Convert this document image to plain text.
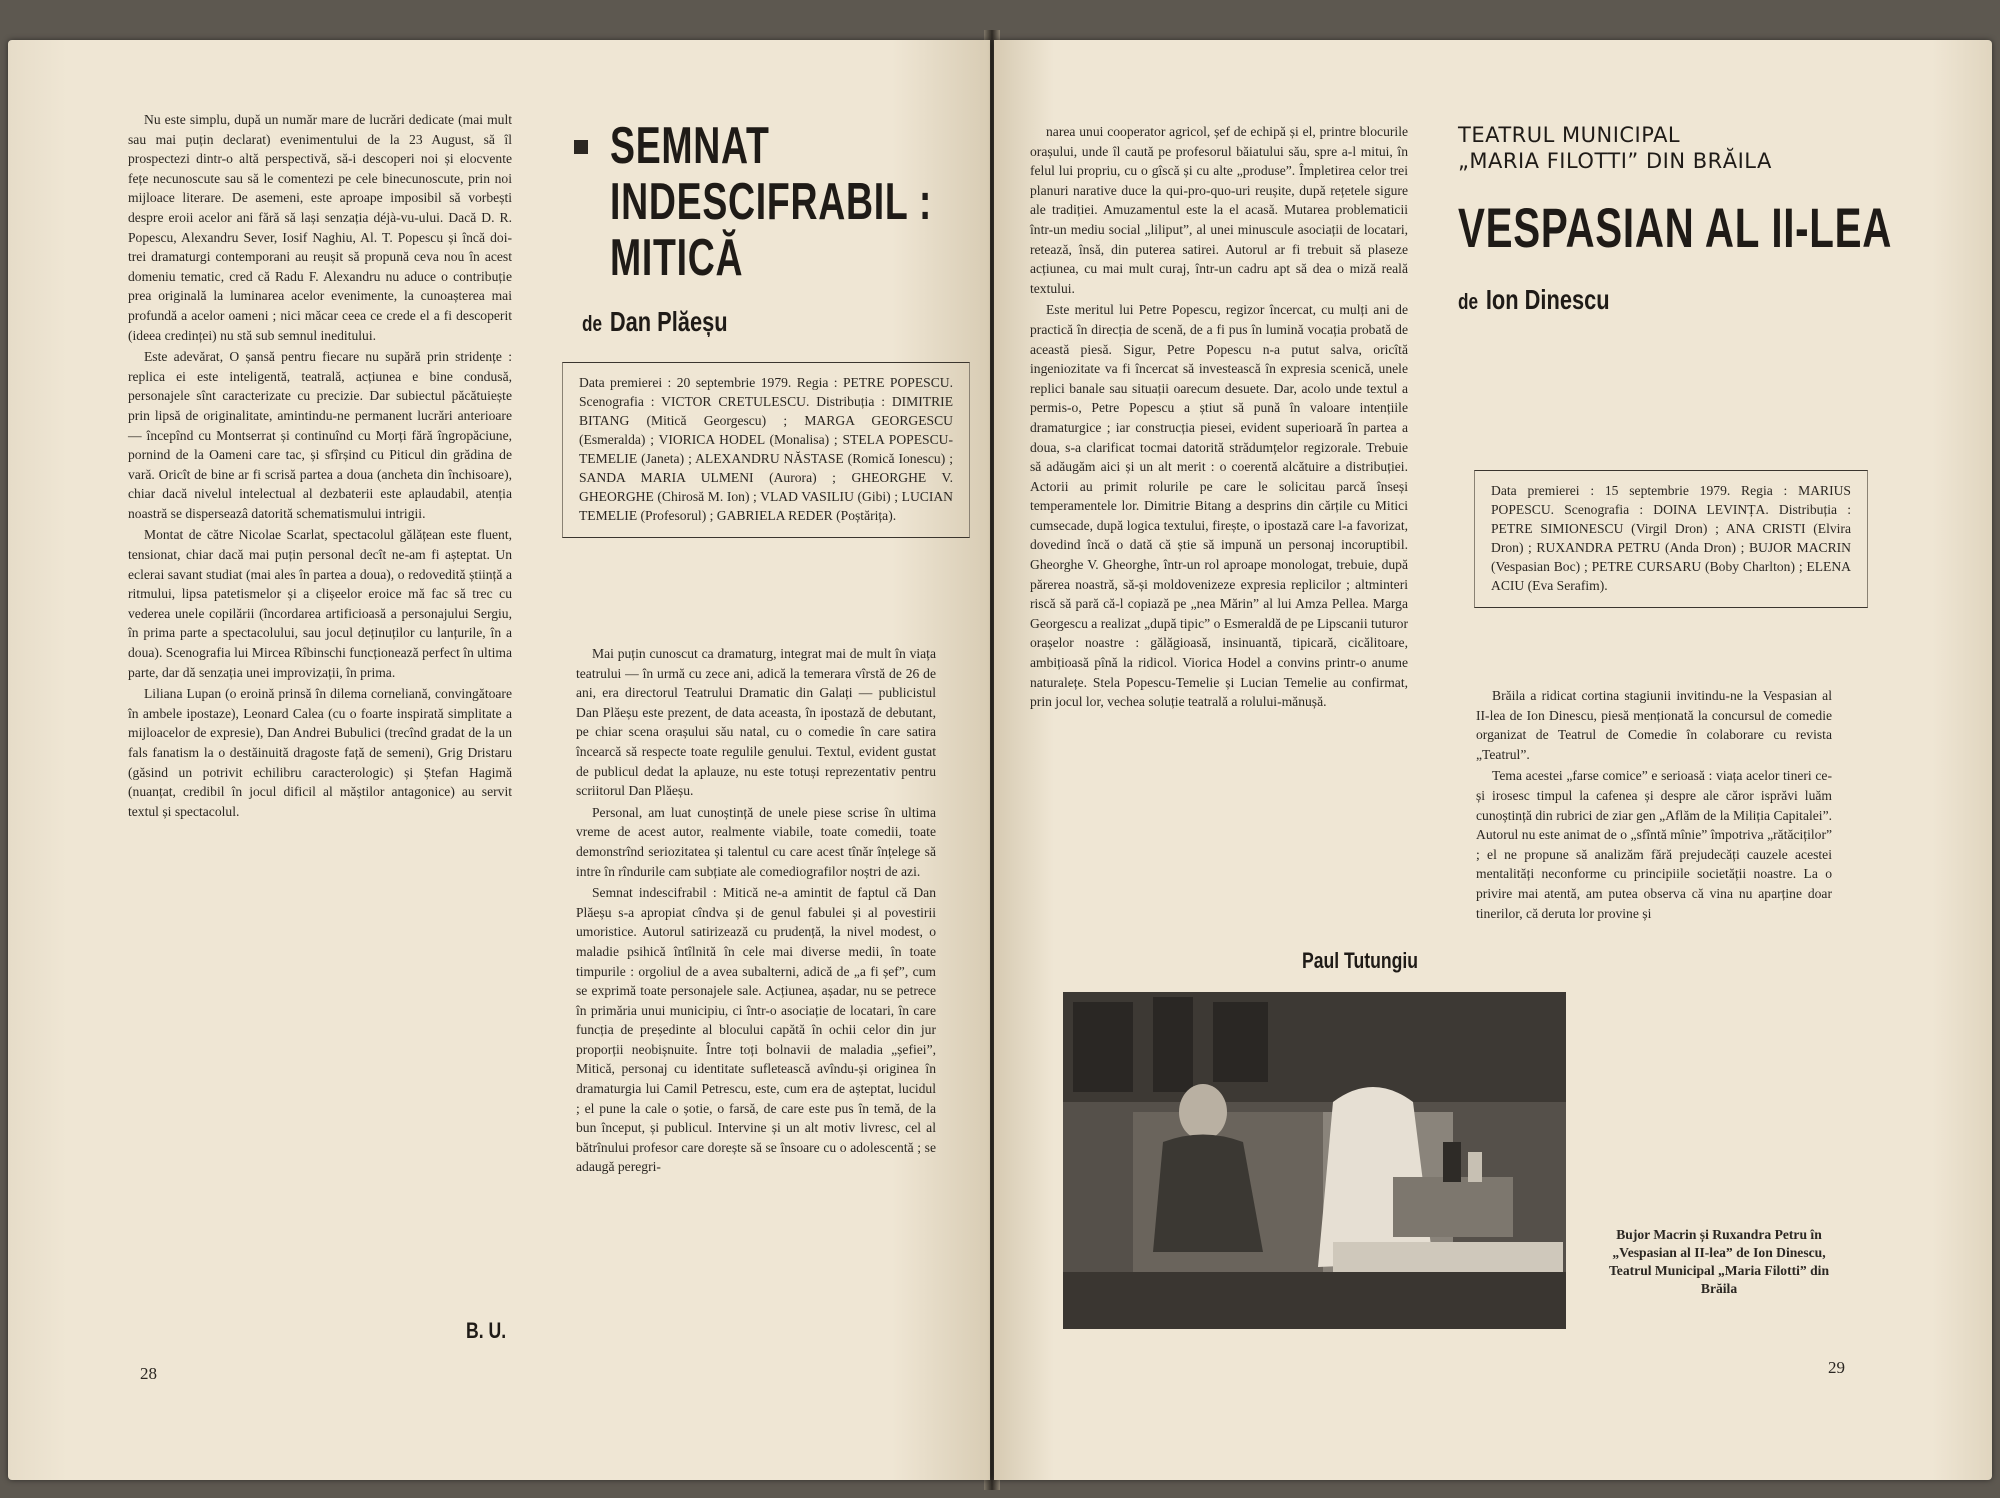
Nu este simplu, după un număr mare de lucrări dedicate (mai mult sau mai puțin declarat) evenimentului de la 23 August, să îl prospectezi dintr-o altă perspectivă, să-i descoperi noi și elocvente fețe necunoscute sau să le comentezi pe cele binecunoscute, prin noi mijloace literare. De asemeni, este aproape imposibil să vorbești despre eroii acelor ani fără să lași senzația déjà-vu-ului. Dacă D. R. Popescu, Alexandru Sever, Iosif Naghiu, Al. T. Popescu și încă doi-trei dramaturgi contemporani au reușit să propună ceva nou în acest domeniu tematic, cred că Radu F. Alexandru nu aduce o contribuție prea originală la luminarea acelor evenimente, la cunoașterea mai profundă a acelor oameni ; nici măcar ceea ce crede el a fi descoperit (ideea credinței) nu stă sub semnul ineditului.

Este adevărat, O șansă pentru fiecare nu supără prin stridențe : replica ei este inteligentă, teatrală, acțiunea e bine condusă, personajele sînt caracterizate cu precizie. Dar subiectul păcătuiește prin lipsă de originalitate, amintindu-ne permanent lucrări anterioare — începînd cu Montserrat și continuînd cu Morți fără îngropăciune, pornind de la Oameni care tac, și sfîrșind cu Piticul din grădina de vară. Oricît de bine ar fi scrisă partea a doua (ancheta din închisoare), chiar dacă nivelul intelectual al dezbaterii este aplaudabil, atenția noastră se disperseazâ datorită schematismului intrigii.

Montat de către Nicolae Scarlat, spectacolul gălățean este fluent, tensionat, chiar dacă mai puțin personal decît ne-am fi așteptat. Un eclerai savant studiat (mai ales în partea a doua), o redovedită știință a ritmului, lipsa patetismelor și a clișeelor eroice mă fac să trec cu vederea unele copilării (încordarea artificioasă a personajului Sergiu, în prima parte a spectacolului, sau jocul deținuților cu lanțurile, în a doua). Scenografia lui Mircea Rîbinschi funcționează perfect în ultima parte, dar dă senzația unei improvizații, în prima.

Liliana Lupan (o eroină prinsă în dilema corneliană, convingătoare în ambele ipostaze), Leonard Calea (cu o foarte inspirată simplitate a mijloacelor de expresie), Dan Andrei Bubulici (trecînd gradat de la un fals fanatism la o destăinuită dragoste față de semeni), Grig Dristaru (găsind un potrivit echilibru caracterologic) și Ștefan Hagimă (nuanțat, credibil în jocul dificil al măștilor antagonice) au servit textul și spectacolul.

B. U.
28
SEMNAT
INDESCIFRABIL :
MITICĂ
de Dan Plăeșu
Data premierei : 20 septembrie 1979. Regia : PETRE POPESCU. Scenografia : VICTOR CRETULESCU. Distribuția : DIMITRIE BITANG (Mitică Georgescu) ; MARGA GEORGESCU (Esmeralda) ; VIORICA HODEL (Monalisa) ; STELA POPESCU-TEMELIE (Janeta) ; ALEXANDRU NĂSTASE (Romică Ionescu) ; SANDA MARIA ULMENI (Aurora) ; GHEORGHE V. GHEORGHE (Chirosă M. Ion) ; VLAD VASILIU (Gibi) ; LUCIAN TEMELIE (Profesorul) ; GABRIELA REDER (Poștărița).

Mai puțin cunoscut ca dramaturg, integrat mai de mult în viața teatrului — în urmă cu zece ani, adică la temerara vîrstă de 26 de ani, era directorul Teatrului Dramatic din Galați — publicistul Dan Plăeșu este prezent, de data aceasta, în ipostază de debutant, pe chiar scena orașului său natal, cu o comedie în care satira încearcă să respecte toate regulile genului. Textul, evident gustat de publicul dedat la aplauze, nu este totuși reprezentativ pentru scriitorul Dan Plăeșu.

Personal, am luat cunoștință de unele piese scrise în ultima vreme de acest autor, realmente viabile, toate comedii, toate demonstrînd seriozitatea și talentul cu care acest tînăr înțelege să intre în rîndurile cam subțiate ale comediografilor noștri de azi.

Semnat indescifrabil : Mitică ne-a amintit de faptul că Dan Plăeșu s-a apropiat cîndva și de genul fabulei și al povestirii umoristice. Autorul satirizează cu prudență, la nivel modest, o maladie psihică întîlnită în cele mai diverse medii, în toate timpurile : orgoliul de a avea subalterni, adică de „a fi șef”, cum se exprimă toate personajele sale. Acțiunea, așadar, nu se petrece în primăria unui municipiu, ci într-o asociație de locatari, în care funcția de președinte al blocului capătă în ochii celor din jur proporții neobișnuite. Între toți bolnavii de maladia „șefiei”, Mitică, personaj cu identitate sufletească avîndu-și originea în dramaturgia lui Camil Petrescu, este, cum era de așteptat, lucidul ; el pune la cale o șotie, o farsă, de care este pus în temă, de la bun început, și publicul. Intervine și un alt motiv livresc, cel al bătrînului profesor care dorește să se însoare cu o adolescentă ; se adaugă peregri-

narea unui cooperator agricol, șef de echipă și el, printre blocurile orașului, unde îl caută pe profesorul băiatului său, spre a-l mitui, în felul lui propriu, cu o gîscă și cu alte „produse”. Împletirea celor trei planuri narative duce la qui-pro-quo-uri reușite, după rețetele sigure ale tradiției. Amuzamentul este la el acasă. Mutarea problematicii într-un mediu social „liliput”, al unei minuscule asociații de locatari, retează, însă, din puterea satirei. Autorul ar fi trebuit să plaseze acțiunea, cu mai mult curaj, într-un cadru apt să dea o miză reală textului.

Este meritul lui Petre Popescu, regizor încercat, cu mulți ani de practică în direcția de scenă, de a fi pus în lumină vocația probată de această piesă. Sigur, Petre Popescu n-a putut salva, oricîtă ingeniozitate va fi încercat să investească în expresia scenică, unele replici banale sau situații oarecum desuete. Dar, acolo unde textul a permis-o, Petre Popescu a știut să pună în valoare intențiile dramaturgice ; iar construcția piesei, evident superioară în partea a doua, s-a clarificat tocmai datorită strădumțelor regizorale. Trebuie să adăugăm aici și un alt merit : o coerentă alcătuire a distribuției. Actorii au primit rolurile pe care le solicitau parcă înseși temperamentele lor. Dimitrie Bitang a desprins din cărțile cu Mitici cumsecade, după logica textului, firește, o ipostază care l-a favorizat, dovedind încă o dată că știe să impună un personaj incoruptibil. Gheorghe V. Gheorghe, într-un rol aproape monologat, trebuie, după părerea noastră, să-și moldovenizeze expresia replicilor ; altminteri riscă să pară că-l copiază pe „nea Mărin” al lui Amza Pellea. Marga Georgescu a realizat „după tipic” o Esmeraldă de pe Lipscanii tuturor orașelor noastre : gălăgioasă, insinuantă, tipicară, cicălitoare, ambițioasă pînă la ridicol. Viorica Hodel a convins printr-o anume naturalețe. Stela Popescu-Temelie și Lucian Temelie au confirmat, prin jocul lor, vechea soluție teatrală a rolului-mănușă.

Paul Tutungiu
TEATRUL MUNICIPAL
„MARIA FILOTTI” DIN BRĂILA
VESPASIAN AL II-LEA
de Ion Dinescu
Data premierei : 15 septembrie 1979. Regia : MARIUS POPESCU. Scenografia : DOINA LEVINȚA. Distribuția : PETRE SIMIONESCU (Virgil Dron) ; ANA CRISTI (Elvira Dron) ; RUXANDRA PETRU (Anda Dron) ; BUJOR MACRIN (Vespasian Boc) ; PETRE CURSARU (Boby Charlton) ; ELENA ACIU (Eva Serafim).

Brăila a ridicat cortina stagiunii invitindu-ne la Vespasian al II-lea de Ion Dinescu, piesă menționată la concursul de comedie organizat de Teatrul de Comedie în colaborare cu revista „Teatrul”.

Tema acestei „farse comice” e serioasă : viața acelor tineri ce-și irosesc timpul la cafenea și despre ale căror isprăvi luăm cunoștință din rubrici de ziar gen „Aflăm de la Miliția Capitalei”. Autorul nu este animat de o „sfîntă mînie” împotriva „rătăciților” ; el ne propune să analizăm fără prejudecăți cauzele acestei mentalități neconforme cu principiile societății noastre. La o privire mai atentă, am putea observa că vina nu aparține doar tinerilor, că deruta lor provine și

Bujor Macrin și Ruxandra Petru în „Vespasian al II-lea” de Ion Dinescu, Teatrul Municipal „Maria Filotti” din Brăila
29
